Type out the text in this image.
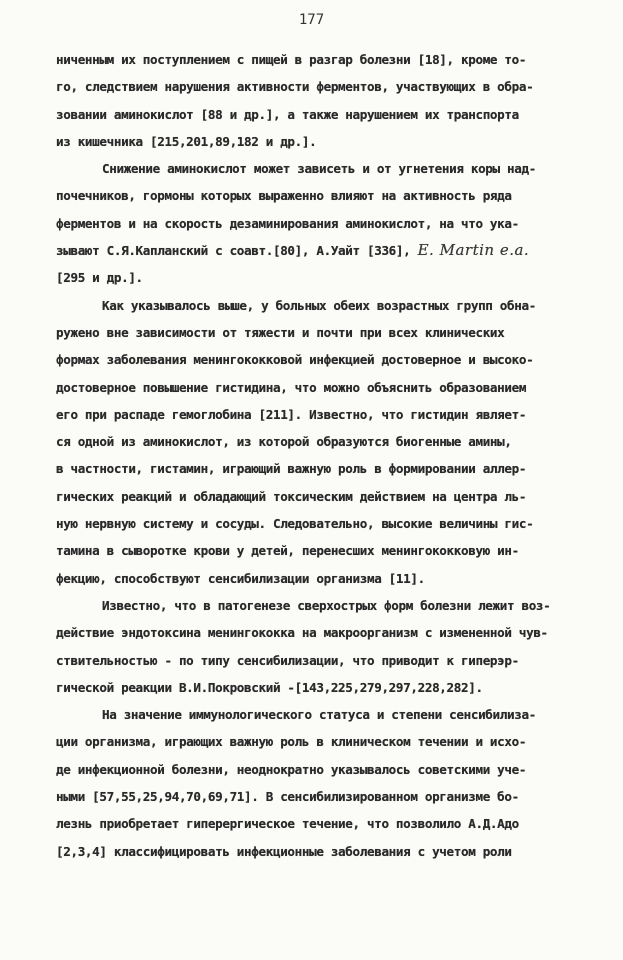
177
ниченным их поступлением с пищей в разгар болезни [18], кроме то-
го, следствием нарушения активности ферментов, участвующих в обра-
зовании аминокислот [88 и др.], а также нарушением их транспорта
из кишечника [215,201,89,182 и др.].
Снижение аминокислот может зависеть и от угнетения коры над-
почечников, гормоны которых выраженно влияют на активность ряда
ферментов и на скорость дезаминирования аминокислот, на что ука-
зывают С.Я.Капланский с соавт.[80], А.Уайт [336], E. Martin e.a.
[295 и др.].
Как указывалось выше, у больных обеих возрастных групп обна-
ружено вне зависимости от тяжести и почти при всех клинических
формах заболевания менингококковой инфекцией достоверное и высоко-
достоверное повышение гистидина, что можно объяснить образованием
его при распаде гемоглобина [211]. Известно, что гистидин являет-
ся одной из аминокислот, из которой образуются биогенные амины,
в частности, гистамин, играющий важную роль в формировании аллер-
гических реакций и обладающий токсическим действием на центра ль-
ную нервную систему и сосуды. Следовательно, высокие величины гис-
тамина в сыворотке крови у детей, перенесших менингококковую ин-
фекцию, способствуют сенсибилизации организма [11].
Известно, что в патогенезе сверхострых форм болезни лежит воз-
действие эндотоксина менингококка на макроорганизм с измененной чув-
ствительностью - по типу сенсибилизации, что приводит к гиперэр-
гической реакции В.И.Покровский -[143,225,279,297,228,282].
На значение иммунологического статуса и степени сенсибилиза-
ции организма, играющих важную роль в клиническом течении и исхо-
де инфекционной болезни, неоднократно указывалось советскими уче-
ными [57,55,25,94,70,69,71]. В сенсибилизированном организме бо-
лезнь приобретает гиперергическое течение, что позволило А.Д.Адо
[2,3,4] классифицировать инфекционные заболевания с учетом роли
